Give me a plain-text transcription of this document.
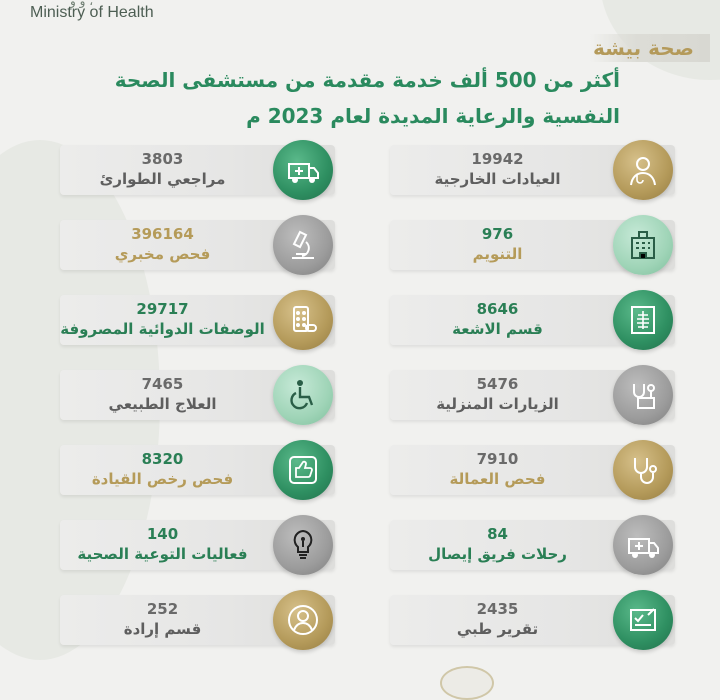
و و ،
Ministry of Health
صحة بيشة
أكثر من 500 ألف خدمة مقدمة من مستشفى الصحة
النفسية والرعاية المديدة لعام 2023 م
19942
العيادات الخارجية
976
التنويم
8646
قسم الاشعة
5476
الزيارات المنزلية
7910
فحص العمالة
84
رحلات فريق إيصال
2435
تقرير طبي
3803
مراجعي الطوارئ
396164
فحص مخبري
29717
الوصفات الدوائية المصروفة
7465
العلاج الطبيعي
8320
فحص رخص القيادة
140
فعاليات التوعية الصحية
252
قسم إرادة
